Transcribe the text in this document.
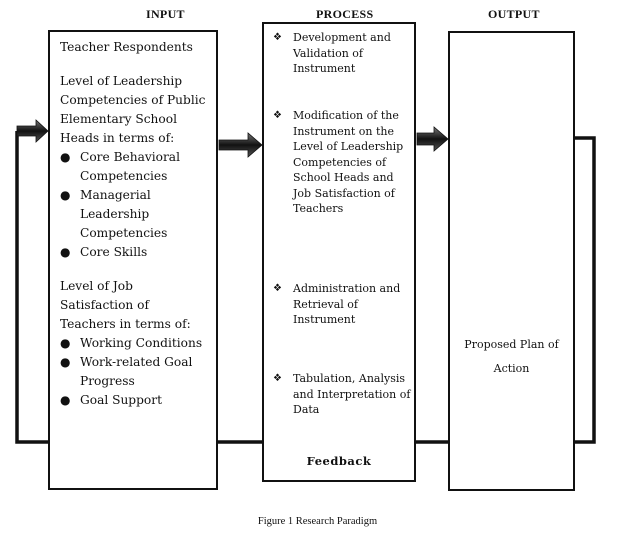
INPUT	PROCESS	OUTPUT
Teacher Respondents
Level of Leadership Competencies of Public Elementary School Heads in terms of:
● Core Behavioral Competencies
● Managerial Leadership Competencies
● Core Skills
Level of Job Satisfaction of Teachers in terms of:
● Working Conditions
● Work-related Goal Progress
● Goal Support
❖	Development and Validation of Instrument
❖	Modification of the Instrument on the Level of Leadership Competencies of School Heads and Job Satisfaction of Teachers
❖	Administration and Retrieval of Instrument
❖	Tabulation, Analysis and Interpretation of Data
Feedback
Proposed Plan of Action
Figure 1 Research Paradigm
